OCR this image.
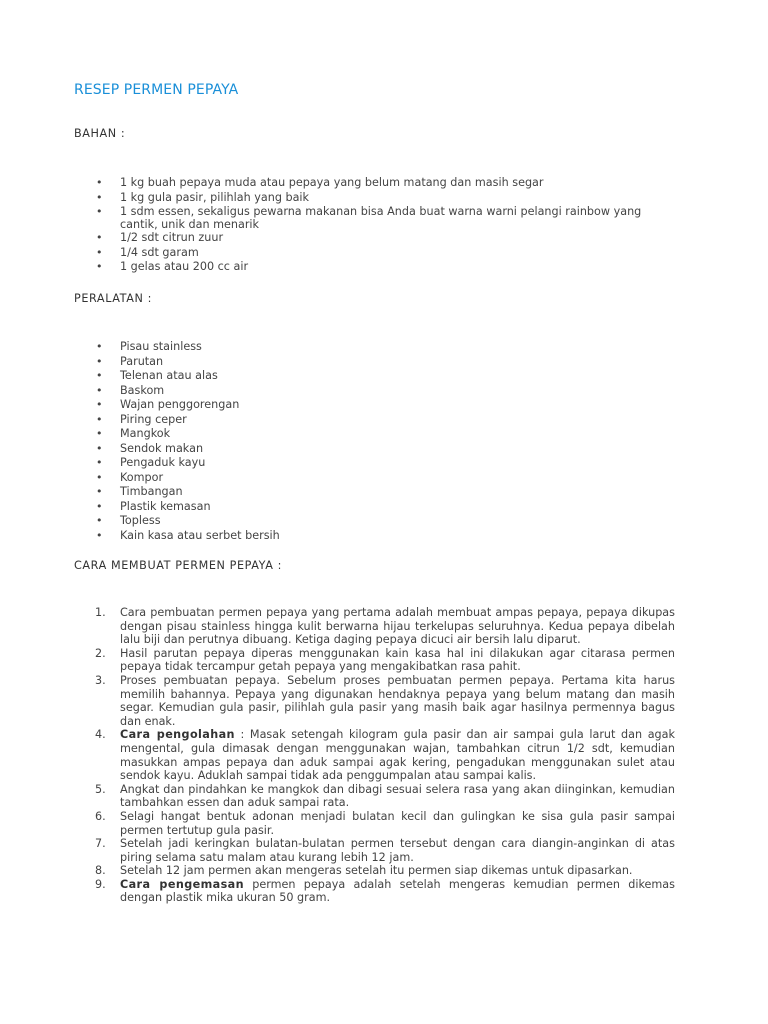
RESEP PERMEN PEPAYA
BAHAN :
• 1 kg buah pepaya muda atau pepaya yang belum matang dan masih segar
• 1 kg gula pasir, pilihlah yang baik
• 1 sdm essen, sekaligus pewarna makanan bisa Anda buat warna warni pelangi rainbow yang cantik, unik dan menarik
• 1/2 sdt citrun zuur
• 1/4 sdt garam
• 1 gelas atau 200 cc air
PERALATAN :
• Pisau stainless
• Parutan
• Telenan atau alas
• Baskom
• Wajan penggorengan
• Piring ceper
• Mangkok
• Sendok makan
• Pengaduk kayu
• Kompor
• Timbangan
• Plastik kemasan
• Topless
• Kain kasa atau serbet bersih
CARA MEMBUAT PERMEN PEPAYA :
1.	Cara pembuatan permen pepaya yang pertama adalah membuat ampas pepaya, pepaya dikupas dengan pisau stainless hingga kulit berwarna hijau terkelupas seluruhnya. Kedua pepaya dibelah lalu biji dan perutnya dibuang. Ketiga daging pepaya dicuci air bersih lalu diparut.
2.	Hasil parutan pepaya diperas menggunakan kain kasa hal ini dilakukan agar citarasa permen pepaya tidak tercampur getah pepaya yang mengakibatkan rasa pahit.
3.	Proses pembuatan pepaya. Sebelum proses pembuatan permen pepaya. Pertama kita harus memilih bahannya. Pepaya yang digunakan hendaknya pepaya yang belum matang dan masih segar. Kemudian gula pasir, pilihlah gula pasir yang masih baik agar hasilnya permennya bagus dan enak.
4.	Cara pengolahan : Masak setengah kilogram gula pasir dan air sampai gula larut dan agak mengental, gula dimasak dengan menggunakan wajan, tambahkan citrun 1/2 sdt, kemudian masukkan ampas pepaya dan aduk sampai agak kering, pengadukan menggunakan sulet atau sendok kayu. Aduklah sampai tidak ada penggumpalan atau sampai kalis.
5.	Angkat dan pindahkan ke mangkok dan dibagi sesuai selera rasa yang akan diinginkan, kemudian tambahkan essen dan aduk sampai rata.
6.	Selagi hangat bentuk adonan menjadi bulatan kecil dan gulingkan ke sisa gula pasir sampai permen tertutup gula pasir.
7.	Setelah jadi keringkan bulatan-bulatan permen tersebut dengan cara diangin-anginkan di atas piring selama satu malam atau kurang lebih 12 jam.
8.	Setelah 12 jam permen akan mengeras setelah itu permen siap dikemas untuk dipasarkan.
9.	Cara pengemasan permen pepaya adalah setelah mengeras kemudian permen dikemas dengan plastik mika ukuran 50 gram.
